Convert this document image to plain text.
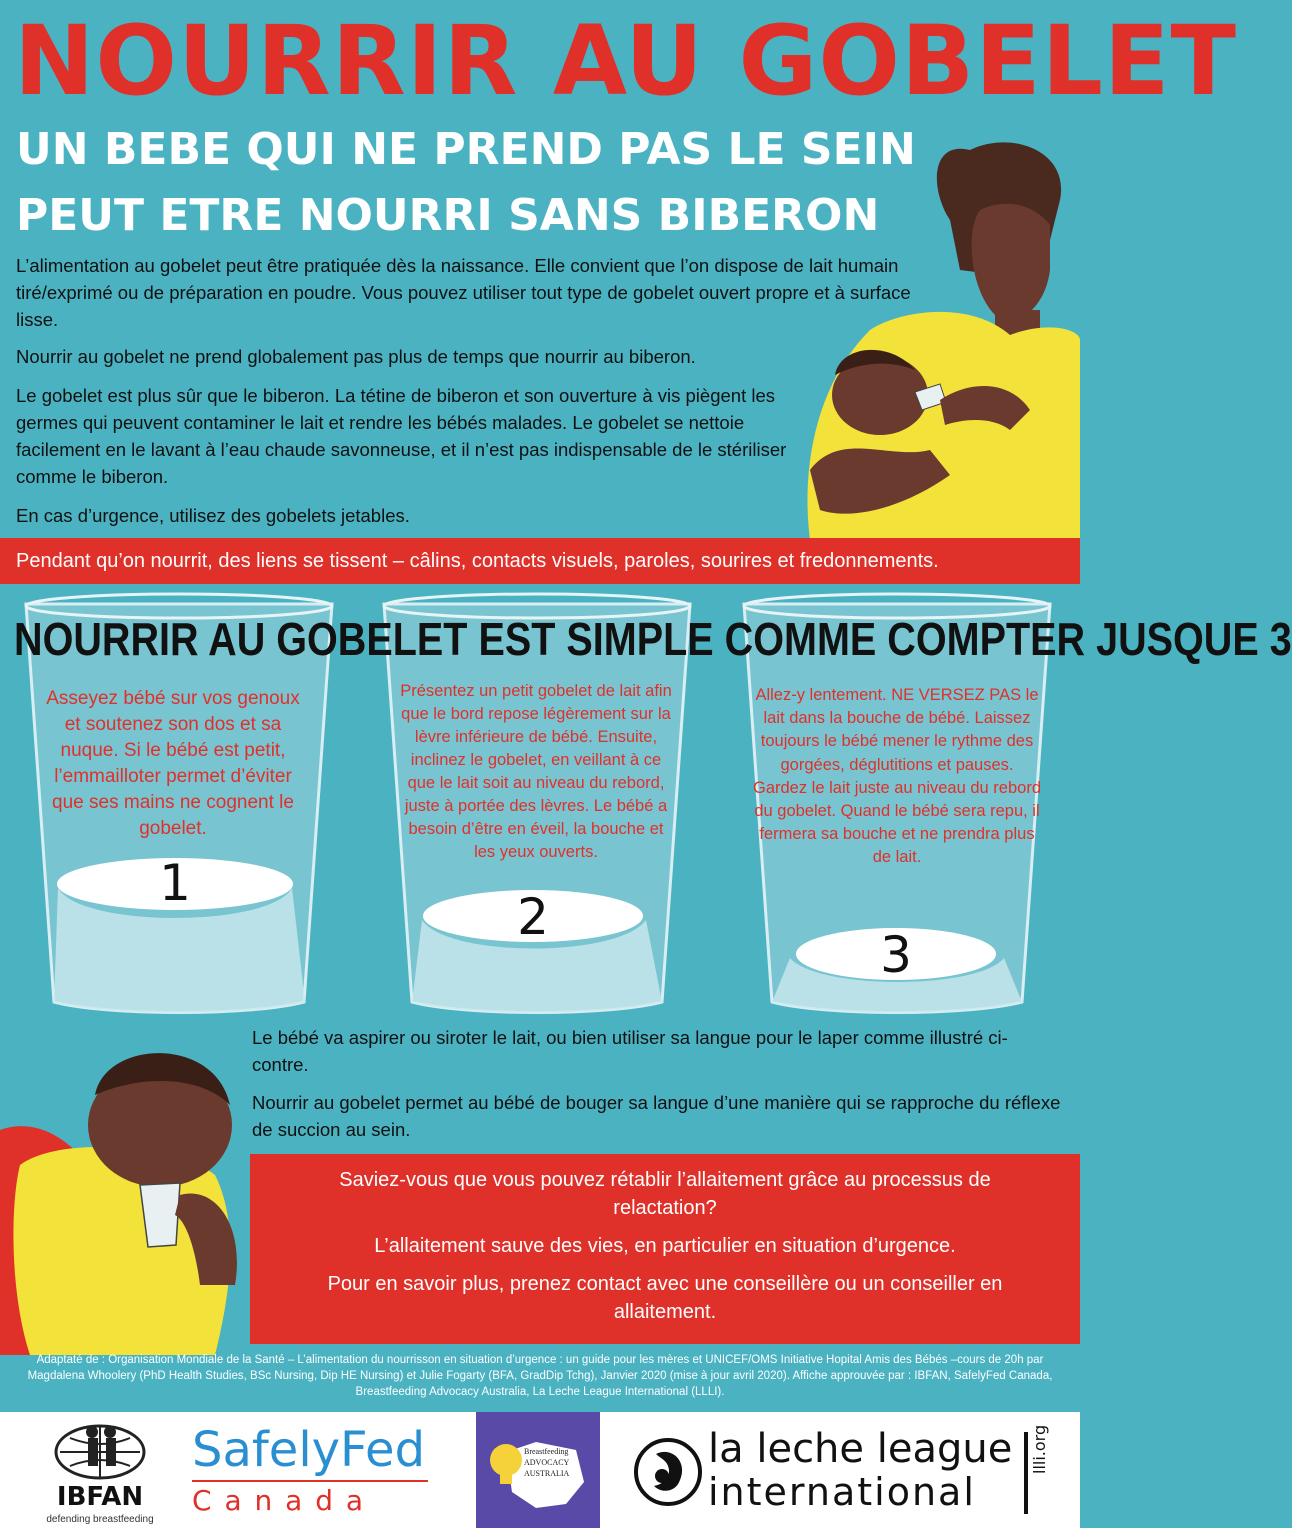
NOURRIR AU GOBELET
UN BEBE QUI NE PREND PAS LE SEIN
PEUT ETRE NOURRI SANS BIBERON

L’alimentation au gobelet peut être pratiquée dès la naissance. Elle convient que l’on dispose de lait humain tiré/exprimé ou de préparation en poudre. Vous pouvez utiliser tout type de gobelet ouvert propre et à surface lisse.

Nourrir au gobelet ne prend globalement pas plus de temps que nourrir au biberon.

Le gobelet est plus sûr que le biberon. La tétine de biberon et son ouverture à vis piègent les germes qui peuvent contaminer le lait et rendre les bébés malades. Le gobelet se nettoie facilement en le lavant à l’eau chaude savonneuse, et il n’est pas indispensable de le stériliser comme le biberon.

En cas d’urgence, utilisez des gobelets jetables.

Pendant qu’on nourrit, des liens se tissent – câlins, contacts visuels, paroles, sourires et fredonnements.
NOURRIR AU GOBELET EST SIMPLE COMME COMPTER JUSQUE 3
Asseyez bébé sur vos genoux et soutenez son dos et sa nuque. Si le bébé est petit, l’emmailloter permet d’éviter que ses mains ne cognent le gobelet.
1
Présentez un petit gobelet de lait afin que le bord repose légèrement sur la lèvre inférieure de bébé. Ensuite, inclinez le gobelet, en veillant à ce que le lait soit au niveau du rebord, juste à portée des lèvres. Le bébé a besoin d’être en éveil, la bouche et les yeux ouverts.
2
Allez-y lentement. NE VERSEZ PAS le lait dans la bouche de bébé. Laissez toujours le bébé mener le rythme des gorgées, déglutitions et pauses. Gardez le lait juste au niveau du rebord du gobelet. Quand le bébé sera repu, il fermera sa bouche et ne prendra plus de lait.
3

Le bébé va aspirer ou siroter le lait, ou bien utiliser sa langue pour le laper comme illustré ci-contre.

Nourrir au gobelet permet au bébé de bouger sa langue d’une manière qui se rapproche du réflexe de succion au sein.

Saviez-vous que vous pouvez rétablir l’allaitement grâce au processus de relactation?

L’allaitement sauve des vies, en particulier en situation d’urgence.

Pour en savoir plus, prenez contact avec une conseillère ou un conseiller en allaitement.

Adaptaté de : Organisation Mondiale de la Santé – L’alimentation du nourrisson en situation d’urgence : un guide pour les mères et UNICEF/OMS Initiative Hopital Amis des Bébés –cours de 20h par Magdalena Whoolery (PhD Health Studies, BSc Nursing, Dip HE Nursing) et Julie Fogarty (BFA, GradDip Tchg), Janvier 2020 (mise à jour avril 2020). Affiche approuvée par : IBFAN, SafelyFed Canada, Breastfeeding Advocacy Australia, La Leche League International (LLLI).

IBFAN
defending breastfeeding
SafelyFed
C a n a d a
Breastfeeding
ADVOCACY
AUSTRALIA
la leche league
international
llli.org
